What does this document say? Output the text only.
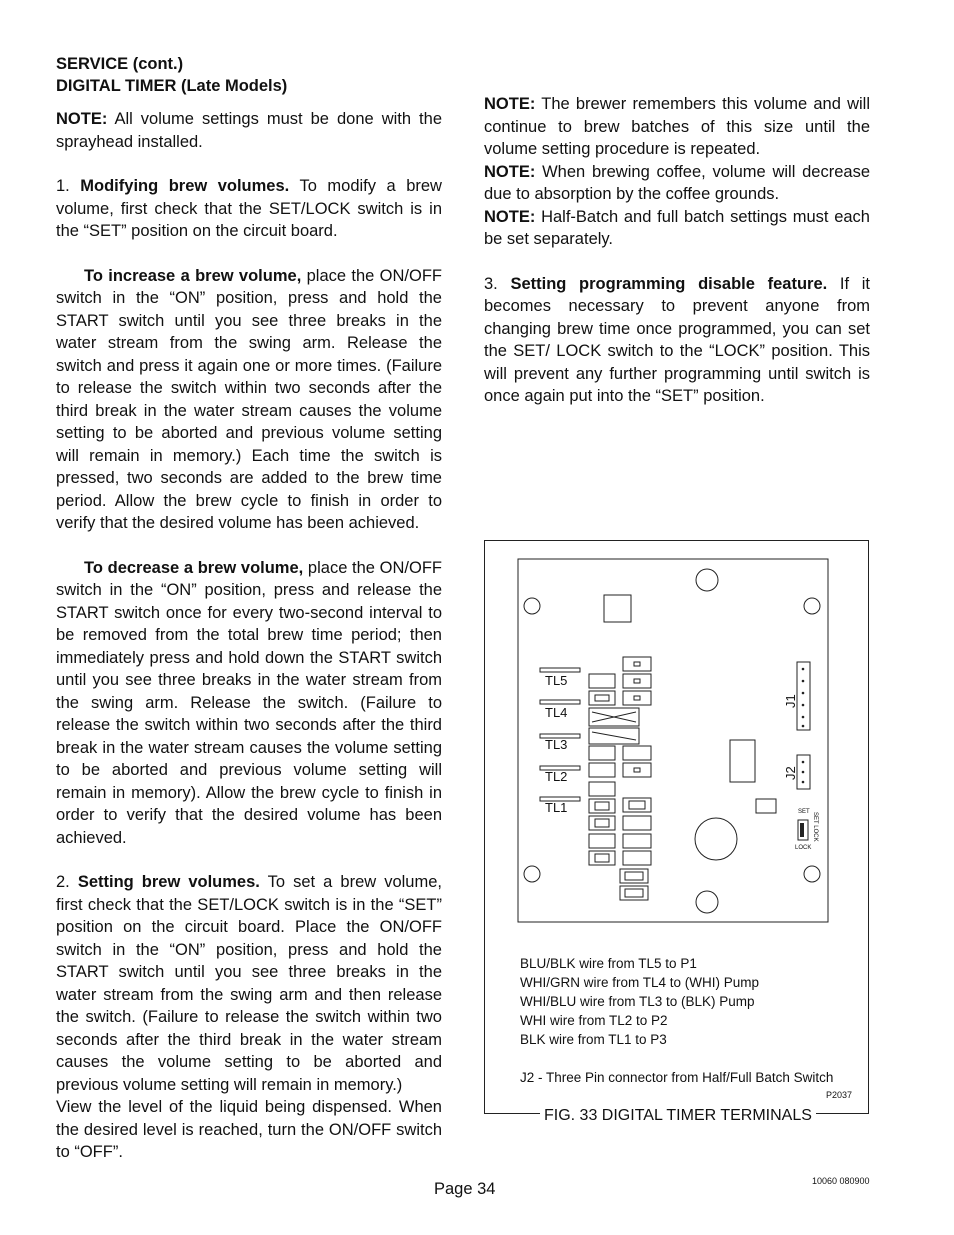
SERVICE (cont.)
DIGITAL TIMER (Late Models)

NOTE: All volume settings must be done with the sprayhead installed.

1. Modifying brew volumes. To modify a brew volume, first check that the SET/LOCK switch is in the “SET” position on the circuit board.

To increase a brew volume, place the ON/OFF switch in the “ON” position, press and hold the START switch until you see three breaks in the water stream from the swing arm. Release the switch and press it again one or more times. (Failure to release the switch within two seconds after the third break in the water stream causes the volume setting to be aborted and previous volume setting will remain in memory.) Each time the switch is pressed, two seconds are added to the brew time period. Allow the brew cycle to finish in order to verify that the desired volume has been achieved.

To decrease a brew volume, place the ON/OFF switch in the “ON” position, press and release the START switch once for every two-second interval to be removed from the total brew time period; then immediately press and hold down the START switch until you see three breaks in the water stream from the swing arm. Release the switch. (Failure to release the switch within two seconds after the third break in the water stream causes the volume setting to be aborted and previous volume setting will remain in memory). Allow the brew cycle to finish in order to verify that the desired volume has been achieved.

2. Setting brew volumes. To set a brew volume, first check that the SET/LOCK switch is in the “SET” position on the circuit board. Place the ON/OFF switch in the “ON” position, press and hold the START switch until you see three breaks in the water stream from the swing arm and then release the switch. (Failure to release the switch within two seconds after the third break in the water stream causes the volume setting to be aborted and previous volume setting will remain in memory.)

View the level of the liquid being dispensed. When the desired level is reached, turn the ON/OFF switch to “OFF”.

NOTE: The brewer remembers this volume and will continue to brew batches of this size until the volume setting procedure is repeated.

NOTE: When brewing coffee, volume will decrease due to absorption by the coffee grounds.

NOTE: Half-Batch and full batch settings must each be set separately.

3. Setting programming disable feature. If it becomes necessary to prevent anyone from changing brew time once programmed, you can set the SET/ LOCK switch to the “LOCK” position. This will prevent any further programming until switch is once again put into the “SET” position.

TL5
TL4
TL3
TL2
TL1
J1
J2
SET
LOCK
SET LOCK

BLU/BLK wire from TL5 to P1

WHI/GRN wire from TL4 to (WHI) Pump

WHI/BLU wire from TL3 to (BLK) Pump

WHI wire from TL2 to P2

BLK wire from TL1 to P3

J2 - Three Pin connector from Half/Full Batch Switch

P2037
FIG. 33 DIGITAL TIMER TERMINALS
Page 34	10060 080900
